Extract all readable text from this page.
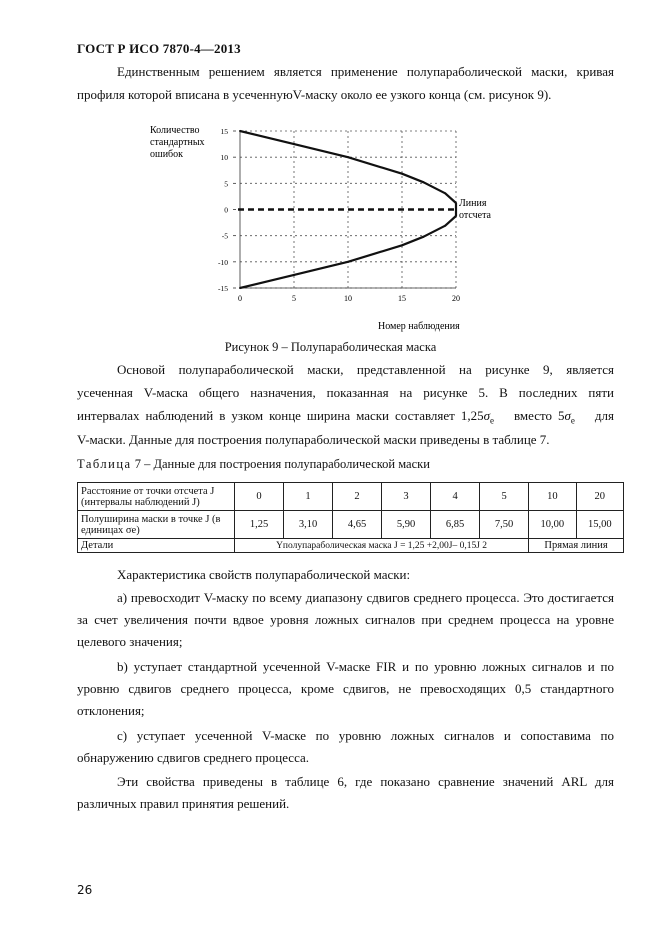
ГОСТ Р ИСО 7870-4—2013
Единственным решением является применение полупараболической маски, кривая
профиля которой вписана в усеченнуюV-маску около ее узкого конца (см. рисунок 9).
0	5	10	15	20
15
10
5
0
-5
-10
-15
Количество
стандартных
ошибок
Линия
отсчета
Номер наблюдения
Рисунок 9 – Полупараболическая маска
Основой полупараболической маски, представленной на рисунке 9, является
усеченная V-маска общего назначения, показанная на рисунке 5. В последних пяти
интервалах наблюдений в узком конце ширина маски составляет $1,25\sigma_е$ вместо $5\sigma_е$ для
V-маски. Данные для построения полупараболической маски приведены в таблице 7.
Таблица 7 – Данные для построения полупараболической маски
Расстояние от точки отсчета J (интервалы наблюдений J)	0	1	2	3	4	5	10	20
Полуширина маски в точке J (в единицах σе)	1,25	3,10	4,65	5,90	6,85	7,50	10,00	15,00
Детали	Yполупараболическая маска J = 1,25 +2,00J– 0,15J 2						Прямая линия	
Характеристика свойств полупараболической маски:
а) превосходит V-маску по всему диапазону сдвигов среднего процесса. Это достигается за счет увеличения почти вдвое уровня ложных сигналов при среднем процесса на уровне целевого значения;
b) уступает стандартной усеченной V-маске FIR и по уровню ложных сигналов и по уровню сдвигов среднего процесса, кроме сдвигов, не превосходящих 0,5 стандартного отклонения;
с) уступает усеченной V-маске по уровню ложных сигналов и сопоставима по обнаружению сдвигов среднего процесса.
Эти свойства приведены в таблице 6, где показано сравнение значений ARL для различных правил принятия решений.
26
